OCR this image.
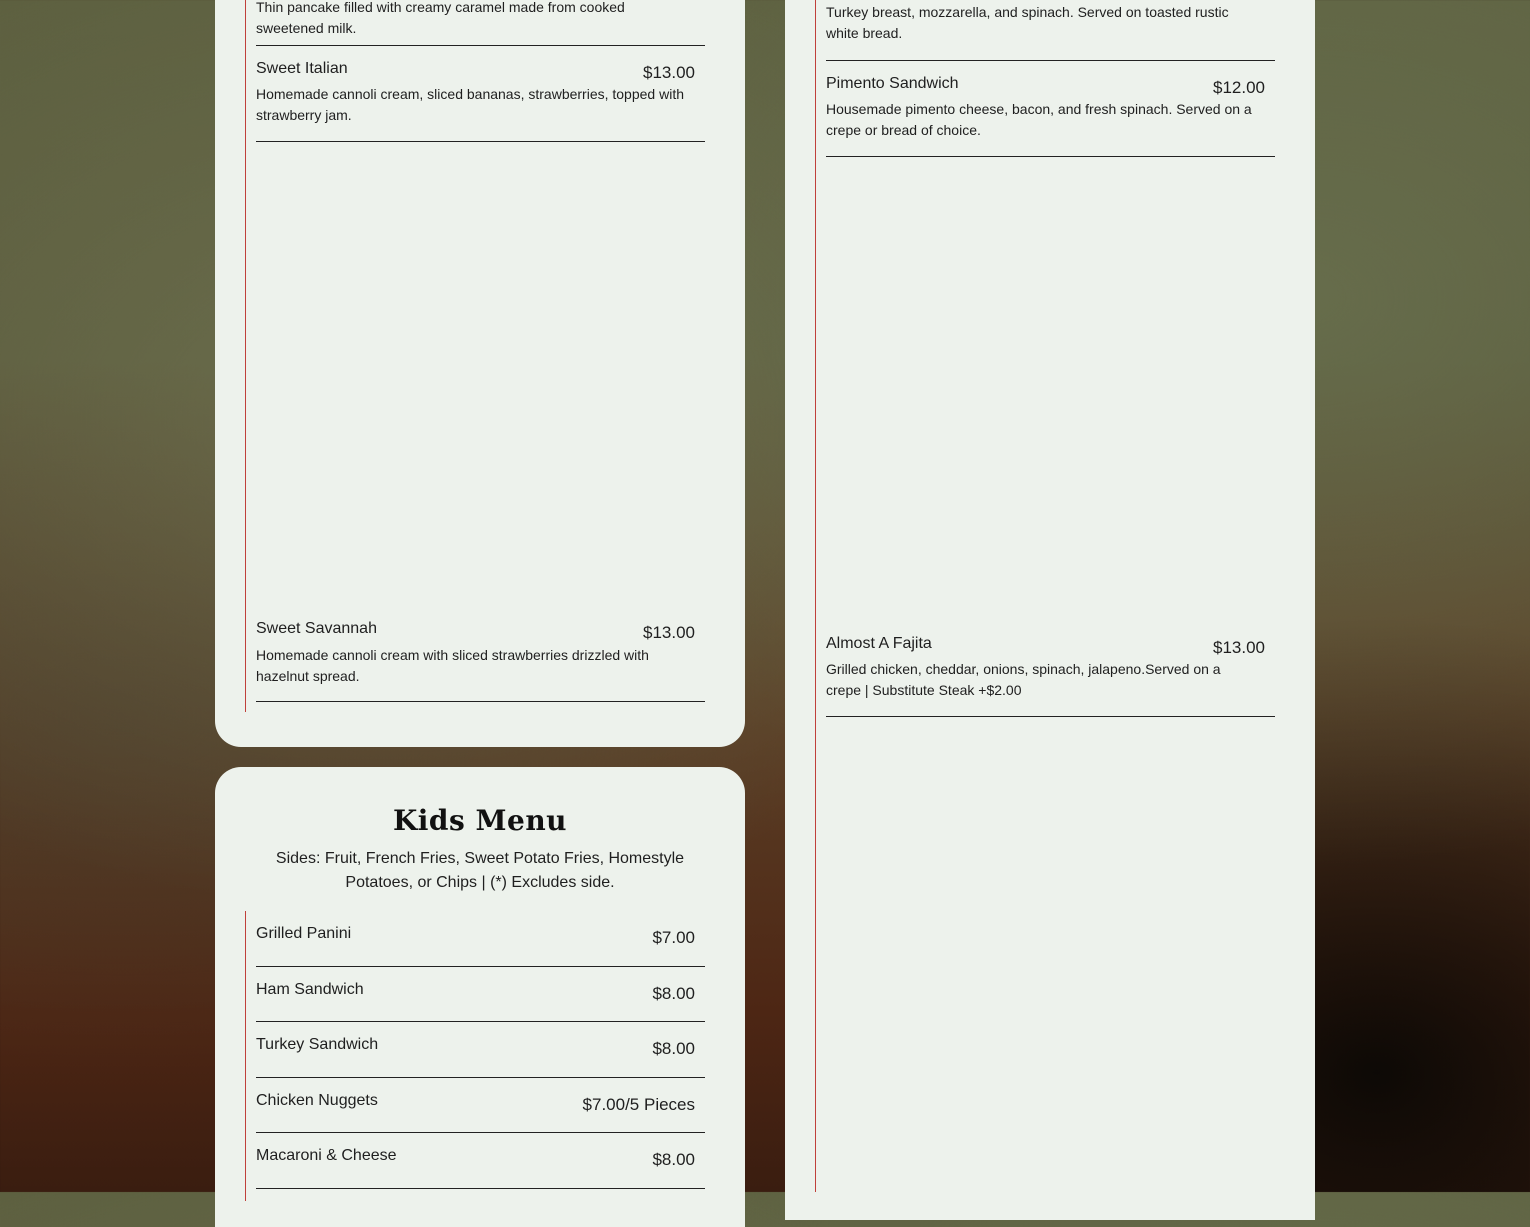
Thin pancake filled with creamy caramel made from cooked sweetened milk.
Sweet Italian	$13.00
Homemade cannoli cream, sliced bananas, strawberries, topped with strawberry jam.
Sweet Savannah	$13.00
Homemade cannoli cream with sliced strawberries drizzled with hazelnut spread.
Kids Menu
Sides: Fruit, French Fries, Sweet Potato Fries, Homestyle Potatoes, or Chips | (*) Excludes side.
Grilled Panini	$7.00
Ham Sandwich	$8.00
Turkey Sandwich	$8.00
Chicken Nuggets	$7.00/5 Pieces
Macaroni & Cheese	$8.00
Turkey breast, mozzarella, and spinach. Served on toasted rustic white bread.
Pimento Sandwich	$12.00
Housemade pimento cheese, bacon, and fresh spinach. Served on a crepe or bread of choice.
Almost A Fajita	$13.00
Grilled chicken, cheddar, onions, spinach, jalapeno.Served on a crepe | Substitute Steak +$2.00
